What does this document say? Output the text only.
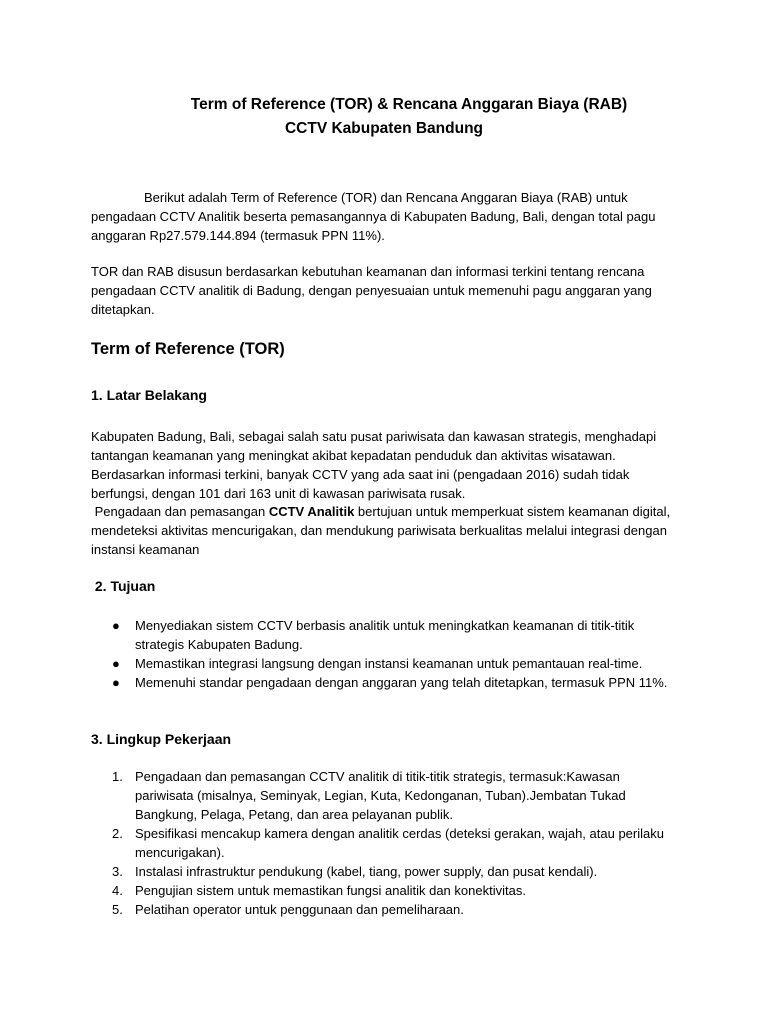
Term of Reference (TOR) & Rencana Anggaran Biaya (RAB)
CCTV Kabupaten Bandung

Berikut adalah Term of Reference (TOR) dan Rencana Anggaran Biaya (RAB) untuk pengadaan CCTV Analitik beserta pemasangannya di Kabupaten Badung, Bali, dengan total pagu anggaran Rp27.579.144.894 (termasuk PPN 11%).

TOR dan RAB disusun berdasarkan kebutuhan keamanan dan informasi terkini tentang rencana pengadaan CCTV analitik di Badung, dengan penyesuaian untuk memenuhi pagu anggaran yang ditetapkan.

Term of Reference (TOR)
1. Latar Belakang

Kabupaten Badung, Bali, sebagai salah satu pusat pariwisata dan kawasan strategis, menghadapi tantangan keamanan yang meningkat akibat kepadatan penduduk dan aktivitas wisatawan. Berdasarkan informasi terkini, banyak CCTV yang ada saat ini (pengadaan 2016) sudah tidak berfungsi, dengan 101 dari 163 unit di kawasan pariwisata rusak.

Pengadaan dan pemasangan CCTV Analitik bertujuan untuk memperkuat sistem keamanan digital, mendeteksi aktivitas mencurigakan, dan mendukung pariwisata berkualitas melalui integrasi dengan instansi keamanan

2. Tujuan
● Menyediakan sistem CCTV berbasis analitik untuk meningkatkan keamanan di titik-titik strategis Kabupaten Badung.
● Memastikan integrasi langsung dengan instansi keamanan untuk pemantauan real-time.
● Memenuhi standar pengadaan dengan anggaran yang telah ditetapkan, termasuk PPN 11%.
3. Lingkup Pekerjaan
1. Pengadaan dan pemasangan CCTV analitik di titik-titik strategis, termasuk:Kawasan pariwisata (misalnya, Seminyak, Legian, Kuta, Kedonganan, Tuban).Jembatan Tukad Bangkung, Pelaga, Petang, dan area pelayanan publik.
2. Spesifikasi mencakup kamera dengan analitik cerdas (deteksi gerakan, wajah, atau perilaku mencurigakan).
3. Instalasi infrastruktur pendukung (kabel, tiang, power supply, dan pusat kendali).
4. Pengujian sistem untuk memastikan fungsi analitik dan konektivitas.
5. Pelatihan operator untuk penggunaan dan pemeliharaan.
